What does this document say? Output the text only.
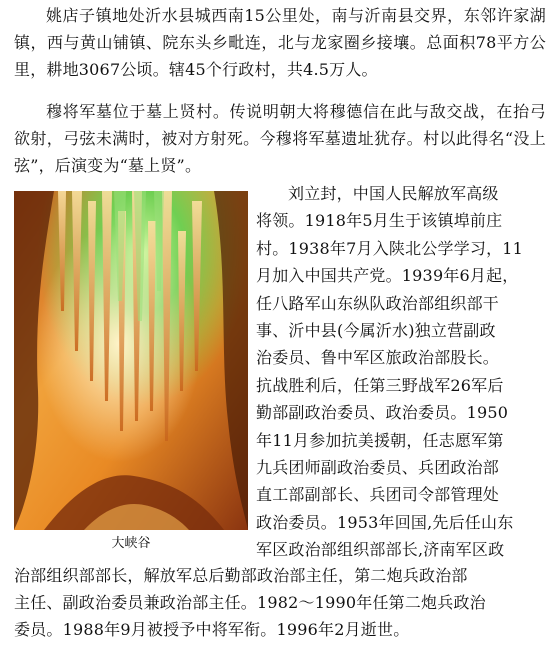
姚店子镇地处沂水县城西南15公里处，南与沂南县交界，东邻许家湖镇，西与黄山铺镇、院东头乡毗连，北与龙家圈乡接壤。总面积78平方公里，耕地3067公顷。辖45个行政村，共4.5万人。

穆将军墓位于墓上贤村。传说明朝大将穆德信在此与敌交战，在抬弓欲射，弓弦未满时，被对方射死。今穆将军墓遗址犹存。村以此得名“没上弦”，后演变为“墓上贤”。

大峡谷
刘立封，中国人民解放军高级
将领。1918年5月生于该镇埠前庄
村。1938年7月入陕北公学学习，11
月加入中国共产党。1939年6月起，
任八路军山东纵队政治部组织部干
事、沂中县(今属沂水)独立营副政
治委员、鲁中军区旅政治部股长。
抗战胜利后，任第三野战军26军后
勤部副政治委员、政治委员。1950
年11月参加抗美援朝，任志愿军第
九兵团师副政治委员、兵团政治部
直工部副部长、兵团司令部管理处
政治委员。1953年回国,先后任山东
军区政治部组织部部长,济南军区政
治部组织部部长，解放军总后勤部政治部主任，第二炮兵政治部
主任、副政治委员兼政治部主任。1982～1990年任第二炮兵政治
委员。1988年9月被授予中将军衔。1996年2月逝世。
